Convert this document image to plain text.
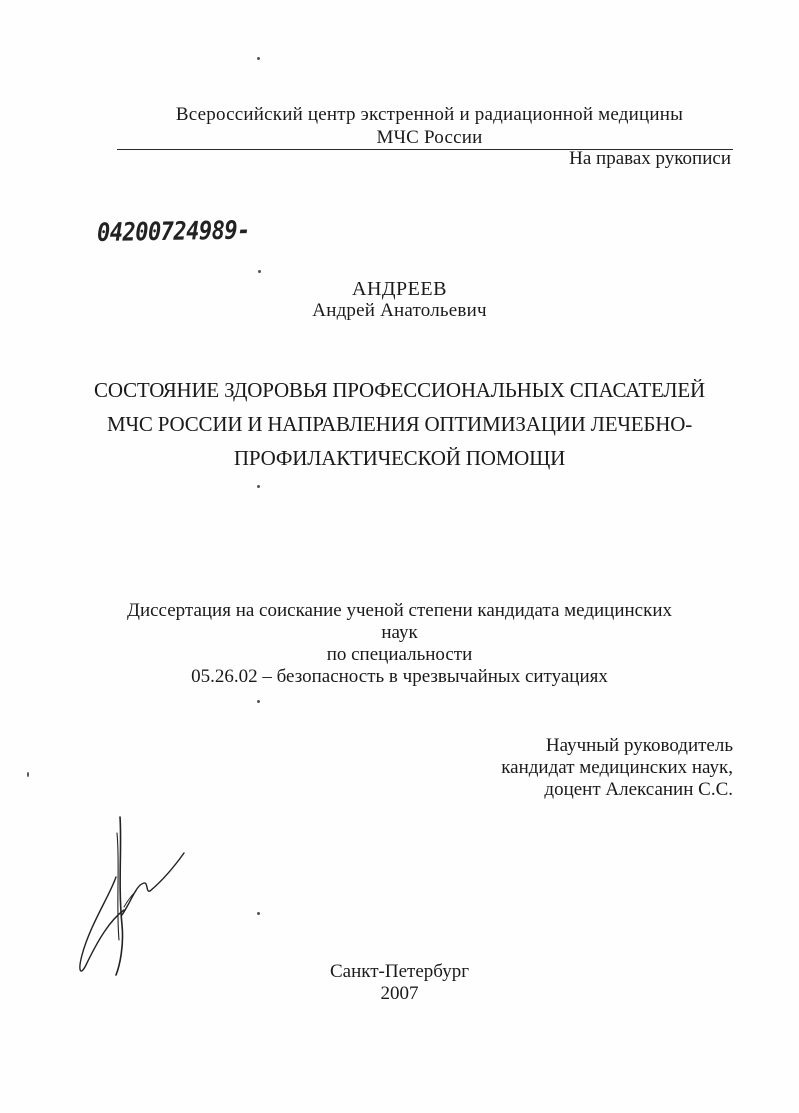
Всероссийский центр экстренной и радиационной медицины
МЧС России
На правах рукописи
04200724989-
АНДРЕЕВ
Андрей Анатольевич
СОСТОЯНИЕ ЗДОРОВЬЯ ПРОФЕССИОНАЛЬНЫХ СПАСАТЕЛЕЙ
МЧС РОССИИ И НАПРАВЛЕНИЯ ОПТИМИЗАЦИИ ЛЕЧЕБНО-
ПРОФИЛАКТИЧЕСКОЙ ПОМОЩИ
Диссертация на соискание ученой степени кандидата медицинских
наук
по специальности
05.26.02 – безопасность в чрезвычайных ситуациях
Научный руководитель
кандидат медицинских наук,
доцент Алексанин С.С.
Санкт-Петербург
2007
